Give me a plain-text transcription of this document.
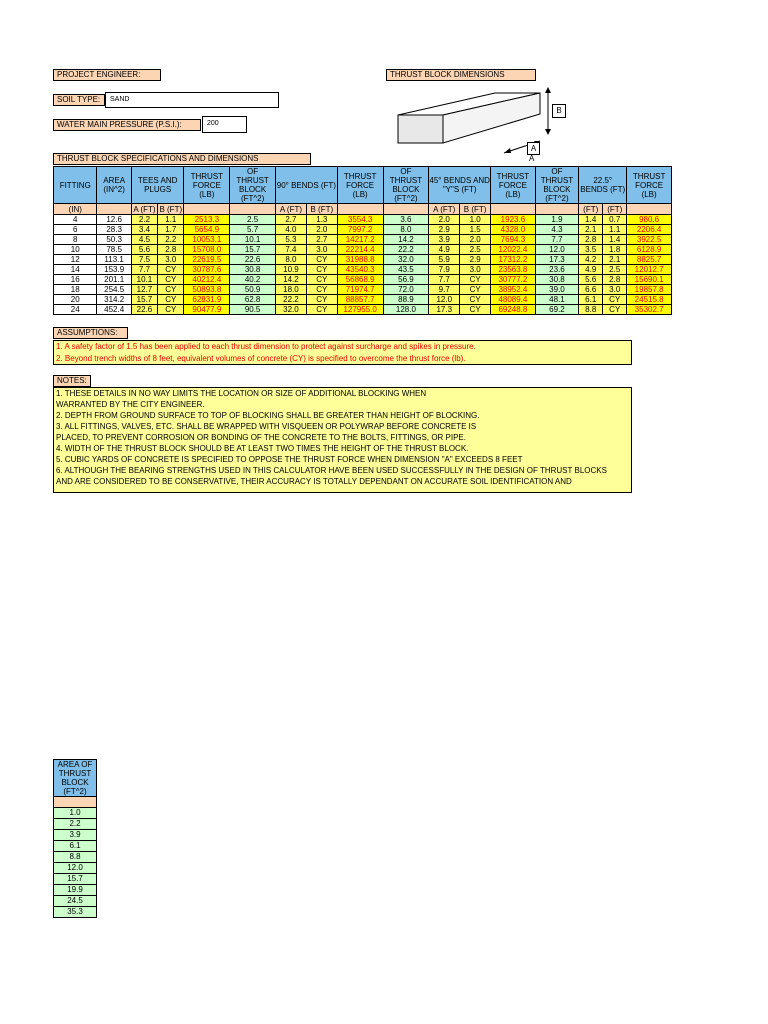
PROJECT ENGINEER:
SOIL TYPE:	SAND
WATER MAIN PRESSURE (P.S.I.):	200
THRUST BLOCK DIMENSIONS
B
A
A
THRUST BLOCK SPECIFICATIONS AND DIMENSIONS
FITTING	AREA (IN^2)	TEES AND PLUGS		THRUST FORCE (LB)	OF THRUST BLOCK (FT^2)	90° BENDS (FT)		THRUST FORCE (LB)	OF THRUST BLOCK (FT^2)	45° BENDS AND "Y"S (FT)		THRUST FORCE (LB)	OF THRUST BLOCK (FT^2)	22.5° BENDS (FT)		THRUST FORCE (LB)
(IN)		A (FT)	B (FT)			A (FT)	B (FT)			A (FT)	B (FT)			(FT)	(FT)	
4	12.6	2.2	1.1	2513.3	2.5	2.7	1.3	3554.3	3.6	2.0	1.0	1923.6	1.9	1.4	0.7	980.6
6	28.3	3.4	1.7	5654.9	5.7	4.0	2.0	7997.2	8.0	2.9	1.5	4328.0	4.3	2.1	1.1	2206.4
8	50.3	4.5	2.2	10053.1	10.1	5.3	2.7	14217.2	14.2	3.9	2.0	7694.3	7.7	2.8	1.4	3922.5
10	78.5	5.6	2.8	15708.0	15.7	7.4	3.0	22214.4	22.2	4.9	2.5	12022.4	12.0	3.5	1.8	6128.9
12	113.1	7.5	3.0	22619.5	22.6	8.0	CY	31988.8	32.0	5.9	2.9	17312.2	17.3	4.2	2.1	8825.7
14	153.9	7.7	CY	30787.6	30.8	10.9	CY	43540.3	43.5	7.9	3.0	23563.8	23.6	4.9	2.5	12012.7
16	201.1	10.1	CY	40212.4	40.2	14.2	CY	56868.9	56.9	7.7	CY	30777.2	30.8	5.6	2.8	15690.1
18	254.5	12.7	CY	50893.8	50.9	18.0	CY	71974.7	72.0	9.7	CY	38952.4	39.0	6.6	3.0	19857.8
20	314.2	15.7	CY	62831.9	62.8	22.2	CY	88857.7	88.9	12.0	CY	48089.4	48.1	6.1	CY	24515.8
24	452.4	22.6	CY	90477.9	90.5	32.0	CY	127955.0	128.0	17.3	CY	69248.8	69.2	8.8	CY	35302.7
ASSUMPTIONS:
1. A safety factor of 1.5 has been applied to each thrust dimension to protect against surcharge and spikes in pressure.
2. Beyond trench widths of 8 feet, equivalent volumes of concrete (CY) is specified to overcome the thrust force (lb).
NOTES:
1. THESE DETAILS IN NO WAY LIMITS THE LOCATION OR SIZE OF ADDITIONAL BLOCKING WHEN
WARRANTED BY THE CITY ENGINEER.
2. DEPTH FROM GROUND SURFACE TO TOP OF BLOCKING SHALL BE GREATER THAN HEIGHT OF BLOCKING.
3. ALL FITTINGS, VALVES, ETC. SHALL BE WRAPPED WITH VISQUEEN OR POLYWRAP BEFORE CONCRETE IS
PLACED, TO PREVENT CORROSION OR BONDING OF THE CONCRETE TO THE BOLTS, FITTINGS, OR PIPE.
4. WIDTH OF THE THRUST BLOCK SHOULD BE AT LEAST TWO TIMES THE HEIGHT OF THE THRUST BLOCK.
5. CUBIC YARDS OF CONCRETE IS SPECIFIED TO OPPOSE THE THRUST FORCE WHEN DIMENSION "A" EXCEEDS 8 FEET
6. ALTHOUGH THE BEARING STRENGTHS USED IN THIS CALCULATOR HAVE BEEN USED SUCCESSFULLY IN THE DESIGN OF THRUST BLOCKS
AND ARE CONSIDERED TO BE CONSERVATIVE, THEIR ACCURACY IS TOTALLY DEPENDANT ON ACCURATE SOIL IDENTIFICATION AND
AREA OF THRUST BLOCK (FT^2)

1.0
2.2
3.9
6.1
8.8
12.0
15.7
19.9
24.5
35.3
